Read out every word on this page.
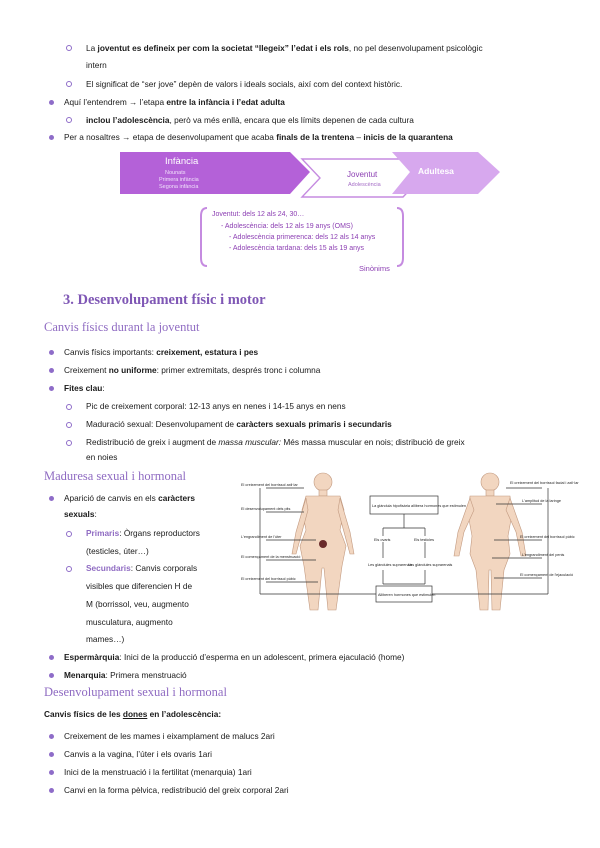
La joventut es defineix per com la societat “llegeix” l’edat i els rols, no pel desenvolupament psicològic
intern
El significat de “ser jove” depèn de valors i ideals socials, així com del context històric.
Aquí l’entendrem → l’etapa entre la infància i l’edat adulta
inclou l’adolescència, però va més enllà, encara que els límits depenen de cada cultura
Per a nosaltres → etapa de desenvolupament que acaba finals de la trentena – inicis de la quarantena
Infància
Nounats
Primera infància
Segona infància
Joventut
Adolescència
Adultesa
Joventut: dels 12 als 24, 30…
- Adolescència: dels 12 als 19 anys (OMS)
- Adolescència primerenca: dels 12 als 14 anys
- Adolescència tardana: dels 15 als 19 anys
Sinònims
3. Desenvolupament físic i motor
Canvis físics durant la joventut
Canvis físics importants: creixement, estatura i pes
Creixement no uniforme: primer extremitats, després tronc i columna
Fites clau:
Pic de creixement corporal: 12-13 anys en nenes i 14-15 anys en nens
Maduració sexual: Desenvolupament de caràcters sexuals primaris i secundaris
Redistribució de greix i augment de massa muscular: Més massa muscular en nois; distribució de greix
en noies
Maduresa sexual i hormonal
Aparició de canvis en els caràcters
sexuals:
Primaris: Òrgans reproductors
(testicles, úter…)
Secundaris: Canvis corporals
visibles que diferencien H de
M (borrissol, veu, augmento
musculatura, augmento
mames…)
Espermàrquia: Inici de la producció d’esperma en un adolescent, primera ejaculació (home)
Menarquia: Primera menstruació
El creixement del borrissol axil·lar
El desenvolupament dels pits
L'engrandiment de l'úter
El començament de la menstruació
El creixement del borrissol púbic
El creixement del borrissol facial i axil·lar
L'amplitud de la laringe
El creixement del borrissol púbic
L'engrandiment del penis
El començament de l'ejaculació
La glàndula hipofisària allibera hormones que estimulen
Els ovaris	Els testicles
Les glàndules suprarenals
Les glàndules suprarenals
Alliberen hormones que estimulen
Desenvolupament sexual i hormonal
Canvis físics de les dones en l’adolescència:
Creixement de les mames i eixamplament de malucs 2ari
Canvis a la vagina, l’úter i els ovaris 1ari
Inici de la menstruació i la fertilitat (menarquia) 1ari
Canvi en la forma pèlvica, redistribució del greix corporal 2ari
